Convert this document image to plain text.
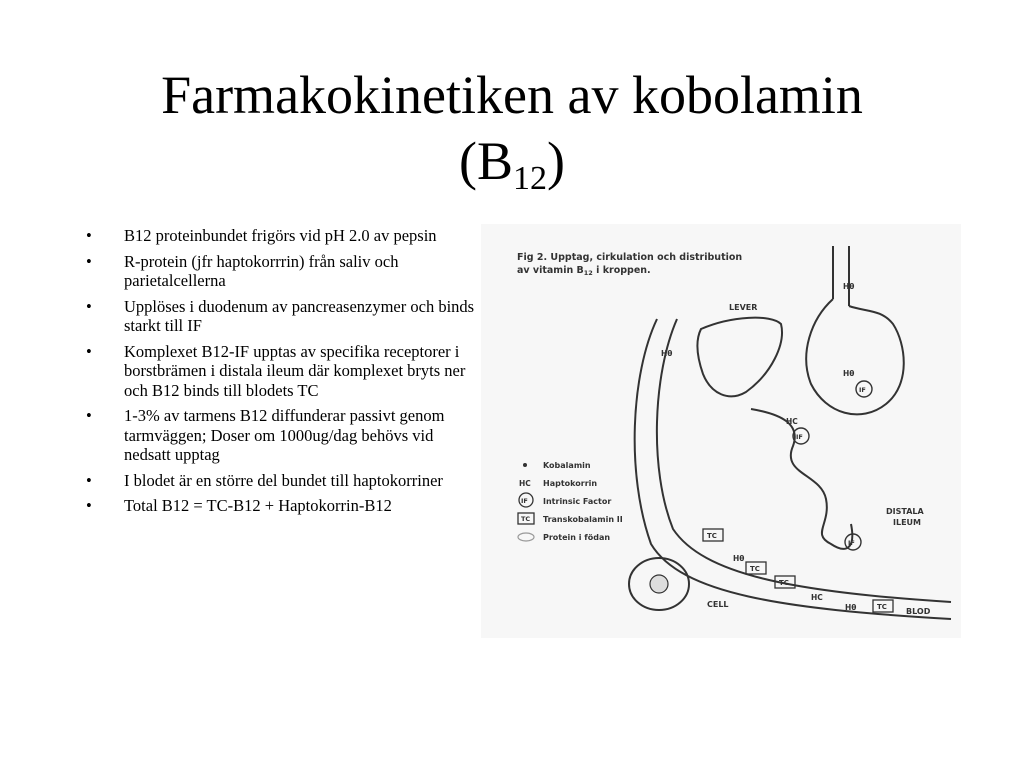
Farmakokinetiken av kobolamin
$(B_{12})$
• B12 proteinbundet frigörs vid pH 2.0 av pepsin
• R-protein (jfr haptokorrrin) från saliv och parietalcellerna
• Upplöses i duodenum av pancreasenzymer och binds starkt till IF
• Komplexet B12-IF upptas av specifika receptorer i borstbrämen i distala ileum där komplexet bryts ner och B12 binds till blodets TC
• 1-3% av tarmens B12 diffunderar passivt genom tarmväggen; Doser om 1000ug/dag behövs vid nedsatt upptag
• I blodet är en större del bundet till haptokorriner
• Total B12 = TC-B12 + Haptokorrin-B12
Fig 2. Upptag, cirkulation och distribution
av vitamin $B_{12}$ i kroppen.
Hθ
Hθ
IF
LEVER
Hθ
HC
IF
IF
DISTALA
ILEUM
Kobalamin
HC Haptokorrin
IF Intrinsic Factor
TC Transkobalamin II
Protein i födan
CELL
TC
Hθ
TC
TC
HC
Hθ	TC BLOD
